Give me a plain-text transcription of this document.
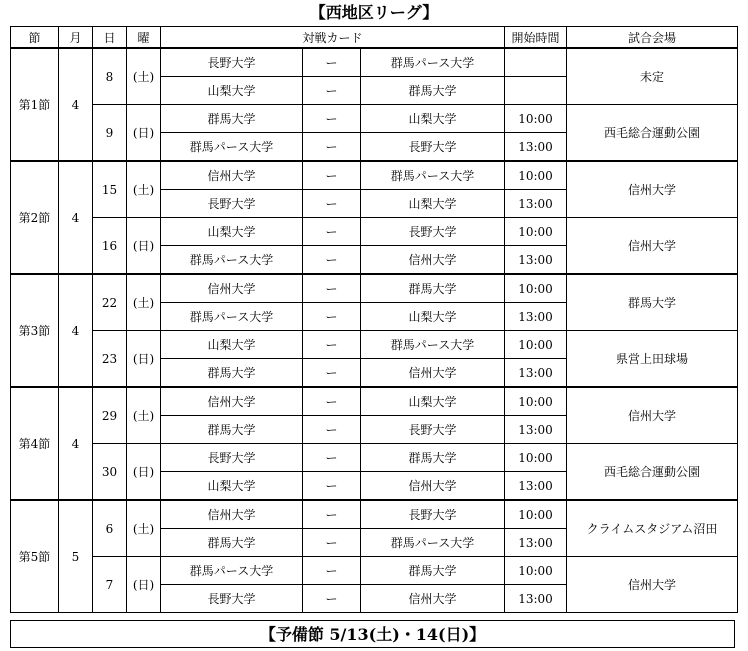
【西地区リーグ】
節	月	日	曜	対戦カード			開始時間	試合会場
第1節	4	8	(土)	長野大学	ー	群馬パース大学		未定
				山梨大学	ー	群馬大学		
		9	(日)	群馬大学	ー	山梨大学	10:00	西毛総合運動公園
				群馬パース大学	ー	長野大学	13:00	
第2節	4	15	(土)	信州大学	ー	群馬パース大学	10:00	信州大学
				長野大学	ー	山梨大学	13:00	
		16	(日)	山梨大学	ー	長野大学	10:00	信州大学
				群馬パース大学	ー	信州大学	13:00	
第3節	4	22	(土)	信州大学	ー	群馬大学	10:00	群馬大学
				群馬パース大学	ー	山梨大学	13:00	
		23	(日)	山梨大学	ー	群馬パース大学	10:00	県営上田球場
				群馬大学	ー	信州大学	13:00	
第4節	4	29	(土)	信州大学	ー	山梨大学	10:00	信州大学
				群馬大学	ー	長野大学	13:00	
		30	(日)	長野大学	ー	群馬大学	10:00	西毛総合運動公園
				山梨大学	ー	信州大学	13:00	
第5節	5	6	(土)	信州大学	ー	長野大学	10:00	クライムスタジアム沼田
				群馬大学	ー	群馬パース大学	13:00	
		7	(日)	群馬パース大学	ー	群馬大学	10:00	信州大学
				長野大学	ー	信州大学	13:00	
【予備節 5/13(土)・14(日)】
